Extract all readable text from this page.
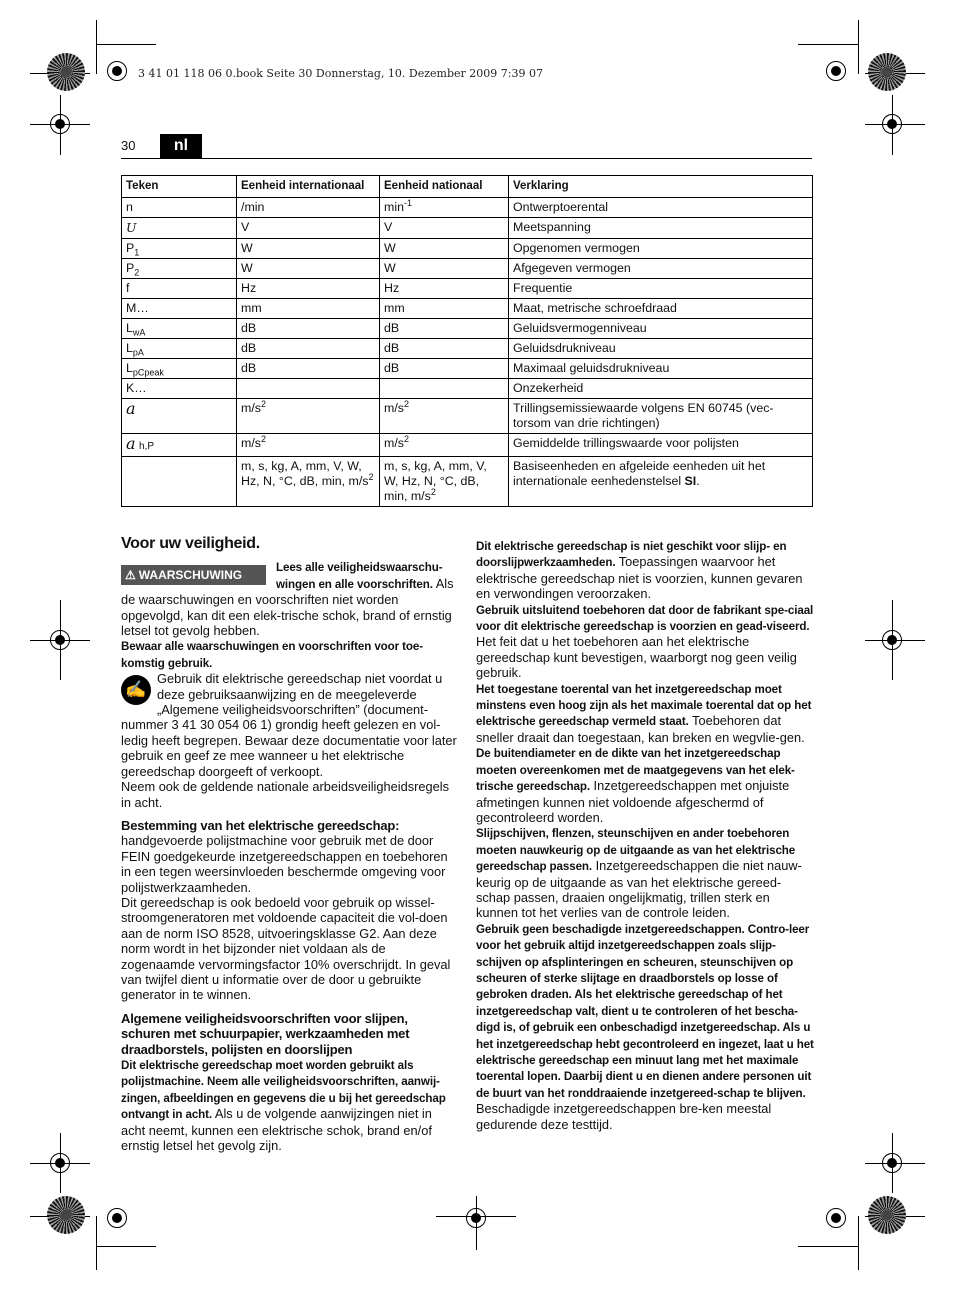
3 41 01 118 06 0.book Seite 30 Donnerstag, 10. Dezember 2009 7:39 07
30	nl
Teken	Eenheid internationaal	Eenheid nationaal	Verklaring
n	/min	$\min^{-1}$	Ontwerptoerental
U	V	V	Meetspanning
$P_1$	W	W	Opgenomen vermogen
$P_2$	W	W	Afgegeven vermogen
f	Hz	Hz	Frequentie
M…	mm	mm	Maat, metrische schroefdraad
$L_{wA}$	dB	dB	Geluidsvermogenniveau
$L_{pA}$	dB	dB	Geluidsdrukniveau
$L_{pCpeak}$	dB	dB	Maximaal geluidsdrukniveau
K…			Onzekerheid
a	$m/s^2$	$m/s^2$	Trillingsemissiewaarde volgens EN 60745 (vec-torsom van drie richtingen)
a h,P	$m/s^2$	$m/s^2$	Gemiddelde trillingswaarde voor polijsten
	m, s, kg, A, mm, V, W, Hz, N, °C, dB, min, $m/s^2$	m, s, kg, A, mm, V, W, Hz, N, °C, dB, min, $m/s^2$	Basiseenheden en afgeleide eenheden uit het internationale eenhedenstelsel SI.
Voor uw veiligheid.

⚠ WAARSCHUWING
Lees alle veiligheidswaarschu-wingen en alle voorschriften. Als de waarschuwingen en voorschriften niet worden opgevolgd, kan dit een elek-trische schok, brand of ernstig letsel tot gevolg hebben.

Bewaar alle waarschuwingen en voorschriften voor toe-komstig gebruik.

✍
Gebruik dit elektrische gereedschap niet voordat u deze gebruiksaanwijzing en de meegeleverde „Algemene veiligheidsvoorschriften” (document-nummer 3 41 30 054 06 1) grondig heeft gelezen en vol-ledig heeft begrepen. Bewaar deze documentatie voor later gebruik en geef ze mee wanneer u het elektrische gereedschap doorgeeft of verkoopt.

Neem ook de geldende nationale arbeidsveiligheidsregels in acht.

Bestemming van het elektrische gereedschap:

handgevoerde polijstmachine voor gebruik met de door FEIN goedgekeurde inzetgereedschappen en toebehoren in een tegen weersinvloeden beschermde omgeving voor polijstwerkzaamheden.

Dit gereedschap is ook bedoeld voor gebruik op wissel-stroomgeneratoren met voldoende capaciteit die vol-doen aan de norm ISO 8528, uitvoeringsklasse G2. Aan deze norm wordt in het bijzonder niet voldaan als de zogenaamde vervormingsfactor 10% overschrijdt. In geval van twijfel dient u informatie over de door u gebruikte generator in te winnen.

Algemene veiligheidsvoorschriften voor slijpen, schuren met schuurpapier, werkzaamheden met draadborstels, polijsten en doorslijpen

Dit elektrische gereedschap moet worden gebruikt als polijstmachine. Neem alle veiligheidsvoorschriften, aanwij-zingen, afbeeldingen en gegevens die u bij het gereedschap ontvangt in acht. Als u de volgende aanwijzingen niet in acht neemt, kunnen een elektrische schok, brand en/of ernstig letsel het gevolg zijn.

Dit elektrische gereedschap is niet geschikt voor slijp- en doorslijpwerkzaamheden. Toepassingen waarvoor het elektrische gereedschap niet is voorzien, kunnen gevaren en verwondingen veroorzaken.

Gebruik uitsluitend toebehoren dat door de fabrikant spe-ciaal voor dit elektrische gereedschap is voorzien en gead-viseerd. Het feit dat u het toebehoren aan het elektrische gereedschap kunt bevestigen, waarborgt nog geen veilig gebruik.

Het toegestane toerental van het inzetgereedschap moet minstens even hoog zijn als het maximale toerental dat op het elektrische gereedschap vermeld staat. Toebehoren dat sneller draait dan toegestaan, kan breken en wegvlie-gen.

De buitendiameter en de dikte van het inzetgereedschap moeten overeenkomen met de maatgegevens van het elek-trische gereedschap. Inzetgereedschappen met onjuiste afmetingen kunnen niet voldoende afgeschermd of gecontroleerd worden.

Slijpschijven, flenzen, steunschijven en ander toebehoren moeten nauwkeurig op de uitgaande as van het elektrische gereedschap passen. Inzetgereedschappen die niet nauw-keurig op de uitgaande as van het elektrische gereed-schap passen, draaien ongelijkmatig, trillen sterk en kunnen tot het verlies van de controle leiden.

Gebruik geen beschadigde inzetgereedschappen. Contro-leer voor het gebruik altijd inzetgereedschappen zoals slijp-schijven op afsplinteringen en scheuren, steunschijven op scheuren of sterke slijtage en draadborstels op losse of gebroken draden. Als het elektrische gereedschap of het inzetgereedschap valt, dient u te controleren of het bescha-digd is, of gebruik een onbeschadigd inzetgereedschap. Als u het inzetgereedschap hebt gecontroleerd en ingezet, laat u het elektrische gereedschap een minuut lang met het maximale toerental lopen. Daarbij dient u en dienen andere personen uit de buurt van het ronddraaiende inzetgereed-schap te blijven. Beschadigde inzetgereedschappen bre-ken meestal gedurende deze testtijd.
